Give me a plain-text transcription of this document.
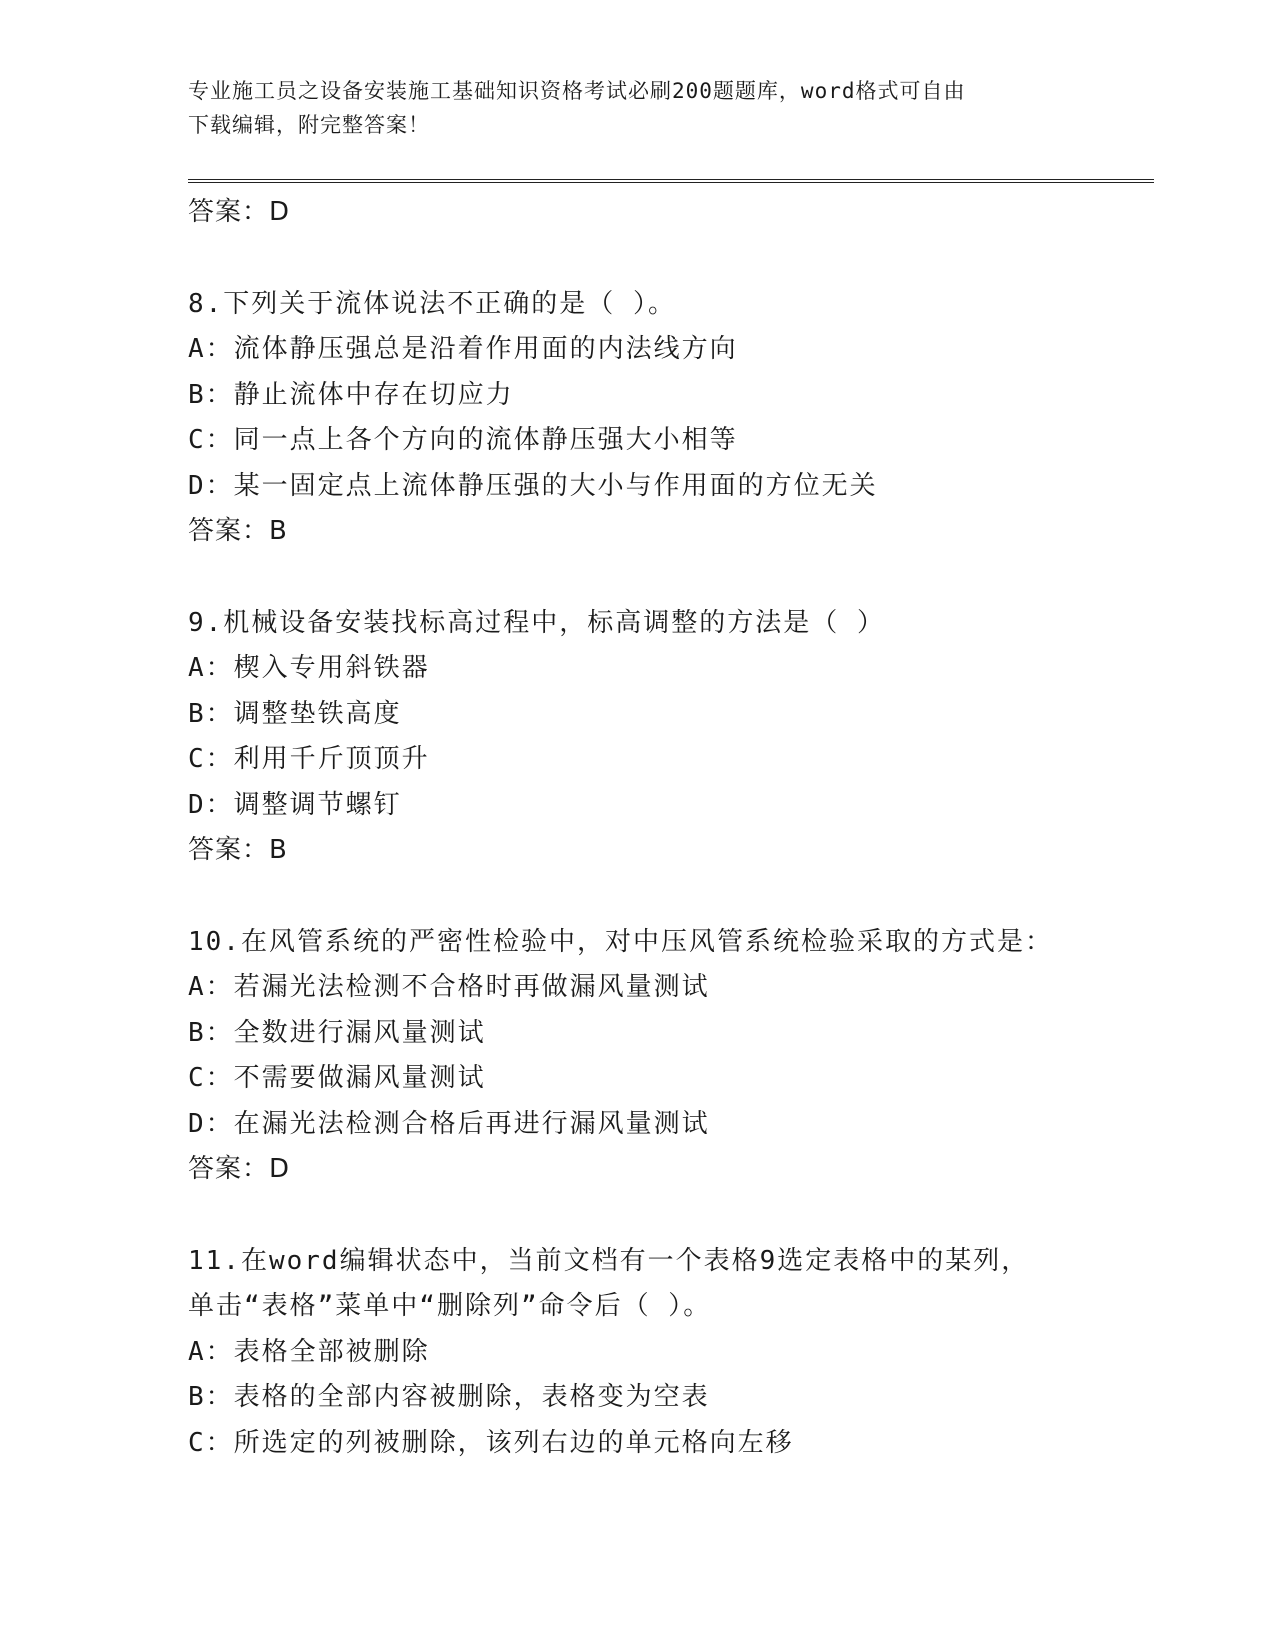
专业施工员之设备安装施工基础知识资格考试必刷200题题库，word格式可自由
下载编辑，附完整答案！
答案：D
8.下列关于流体说法不正确的是（ ）。
A：流体静压强总是沿着作用面的内法线方向
B：静止流体中存在切应力
C：同一点上各个方向的流体静压强大小相等
D：某一固定点上流体静压强的大小与作用面的方位无关
答案：B
9.机械设备安装找标高过程中，标高调整的方法是（ ）
A：楔入专用斜铁器
B：调整垫铁高度
C：利用千斤顶顶升
D：调整调节螺钉
答案：B
10.在风管系统的严密性检验中，对中压风管系统检验采取的方式是：
A：若漏光法检测不合格时再做漏风量测试
B：全数进行漏风量测试
C：不需要做漏风量测试
D：在漏光法检测合格后再进行漏风量测试
答案：D
11.在word编辑状态中，当前文档有一个表格9选定表格中的某列，
单击“表格”菜单中“删除列”命令后（ ）。
A：表格全部被删除
B：表格的全部内容被删除，表格变为空表
C：所选定的列被删除，该列右边的单元格向左移
